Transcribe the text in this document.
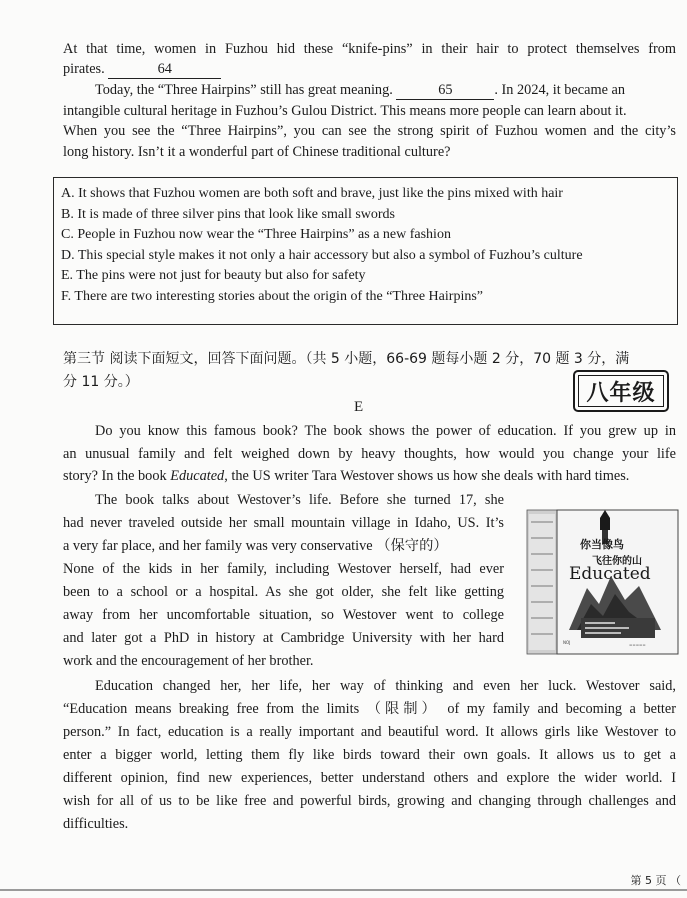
At that time, women in Fuzhou hid these “knife-pins” in their hair to protect themselves from
pirates.	64
Today, the “Three Hairpins” still has great meaning.	65	. In 2024, it became an
intangible cultural heritage in Fuzhou’s Gulou District. This means more people can learn about it.
When you see the “Three Hairpins”, you can see the strong spirit of Fuzhou women and the city’s
long history. Isn’t it a wonderful part of Chinese traditional culture?
A. It shows that Fuzhou women are both soft and brave, just like the pins mixed with hair
B. It is made of three silver pins that look like small swords
C. People in Fuzhou now wear the “Three Hairpins” as a new fashion
D. This special style makes it not only a hair accessory but also a symbol of Fuzhou’s culture
E. The pins were not just for beauty but also for safety
F. There are two interesting stories about the origin of the “Three Hairpins”
第三节 阅读下面短文，回答下面问题。（共 5 小题，66-69 题每小题 2 分，70 题 3 分，满
分 11 分。）	八年级
E
Do you know this famous book? The book shows the power of education. If you grew up in
an unusual family and felt weighed down by heavy thoughts, how would you change your life
story? In the book Educated, the US writer Tara Westover shows us how she deals with hard times.
The book talks about Westover’s life. Before she turned 17, she
had never traveled outside her small mountain village in Idaho, US. It’s
a very far place, and her family was very conservative （保守的）
None of the kids in her family, including Westover herself, had ever
been to a school or a hospital. As she got older, she felt like getting
away from her uncomfortable situation, so Westover went to college
and later got a PhD in history at Cambridge University with her hard
work and the encouragement of her brother.
NOJ	=====
你当像鸟
飞往你的山
Educated
Education changed her, her life, her way of thinking and even her luck. Westover said,
“Education means breaking free from the limits （限制） of my family and becoming a better
person.” In fact, education is a really important and beautiful word. It allows girls like Westover to
enter a bigger world, letting them fly like birds toward their own goals. It allows us to get a
different opinion, find new experiences, better understand others and explore the wider world. I
wish for all of us to be like free and powerful birds, growing and changing through challenges and
difficulties.
第 5 页 （
